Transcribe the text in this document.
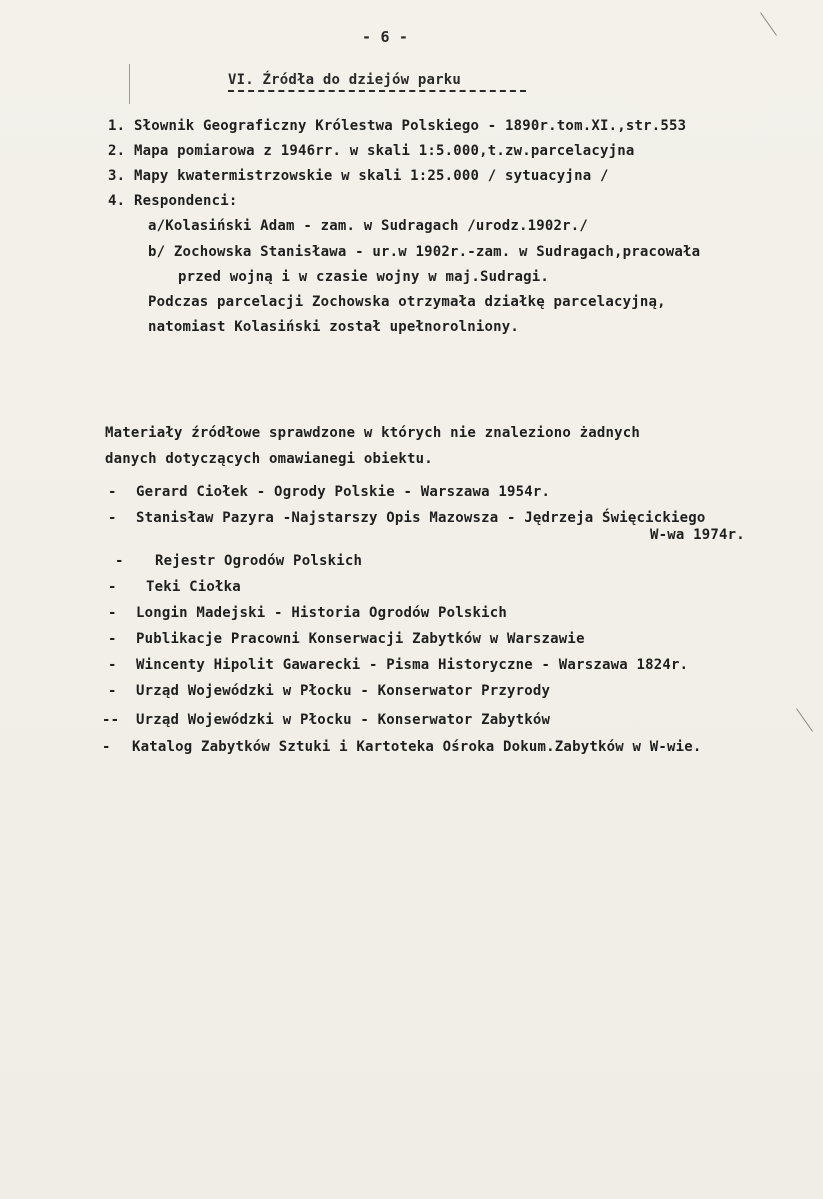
- 6 -
VI. Źródła do dziejów parku
1. Słownik Geograficzny Królestwa Polskiego - 1890r.tom.XI.,str.553
2. Mapa pomiarowa z 1946rr. w skali 1:5.000,t.zw.parcelacyjna
3. Mapy kwatermistrzowskie w skali 1:25.000 / sytuacyjna /
4. Respondenci:
a/Kolasiński Adam - zam. w Sudragach /urodz.1902r./
b/ Zochowska Stanisława - ur.w 1902r.-zam. w Sudragach,pracowała
przed wojną i w czasie wojny w maj.Sudragi.
Podczas parcelacji Zochowska otrzymała działkę parcelacyjną,
natomiast Kolasiński został upełnorolniony.
Materiały źródłowe sprawdzone w których nie znaleziono żadnych
danych dotyczących omawianegi obiektu.
- Gerard Ciołek - Ogrody Polskie - Warszawa 1954r.
- Stanisław Pazyra -Najstarszy Opis Mazowsza - Jędrzeja Święcickiego
W-wa 1974r.
- Rejestr Ogrodów Polskich
- Teki Ciołka
- Longin Madejski - Historia Ogrodów Polskich
- Publikacje Pracowni Konserwacji Zabytków w Warszawie
- Wincenty Hipolit Gawarecki - Pisma Historyczne - Warszawa 1824r.
- Urząd Wojewódzki w Płocku - Konserwator Przyrody
-- Urząd Wojewódzki w Płocku - Konserwator Zabytków
- Katalog Zabytków Sztuki i Kartoteka Ośroka Dokum.Zabytków w W-wie.
